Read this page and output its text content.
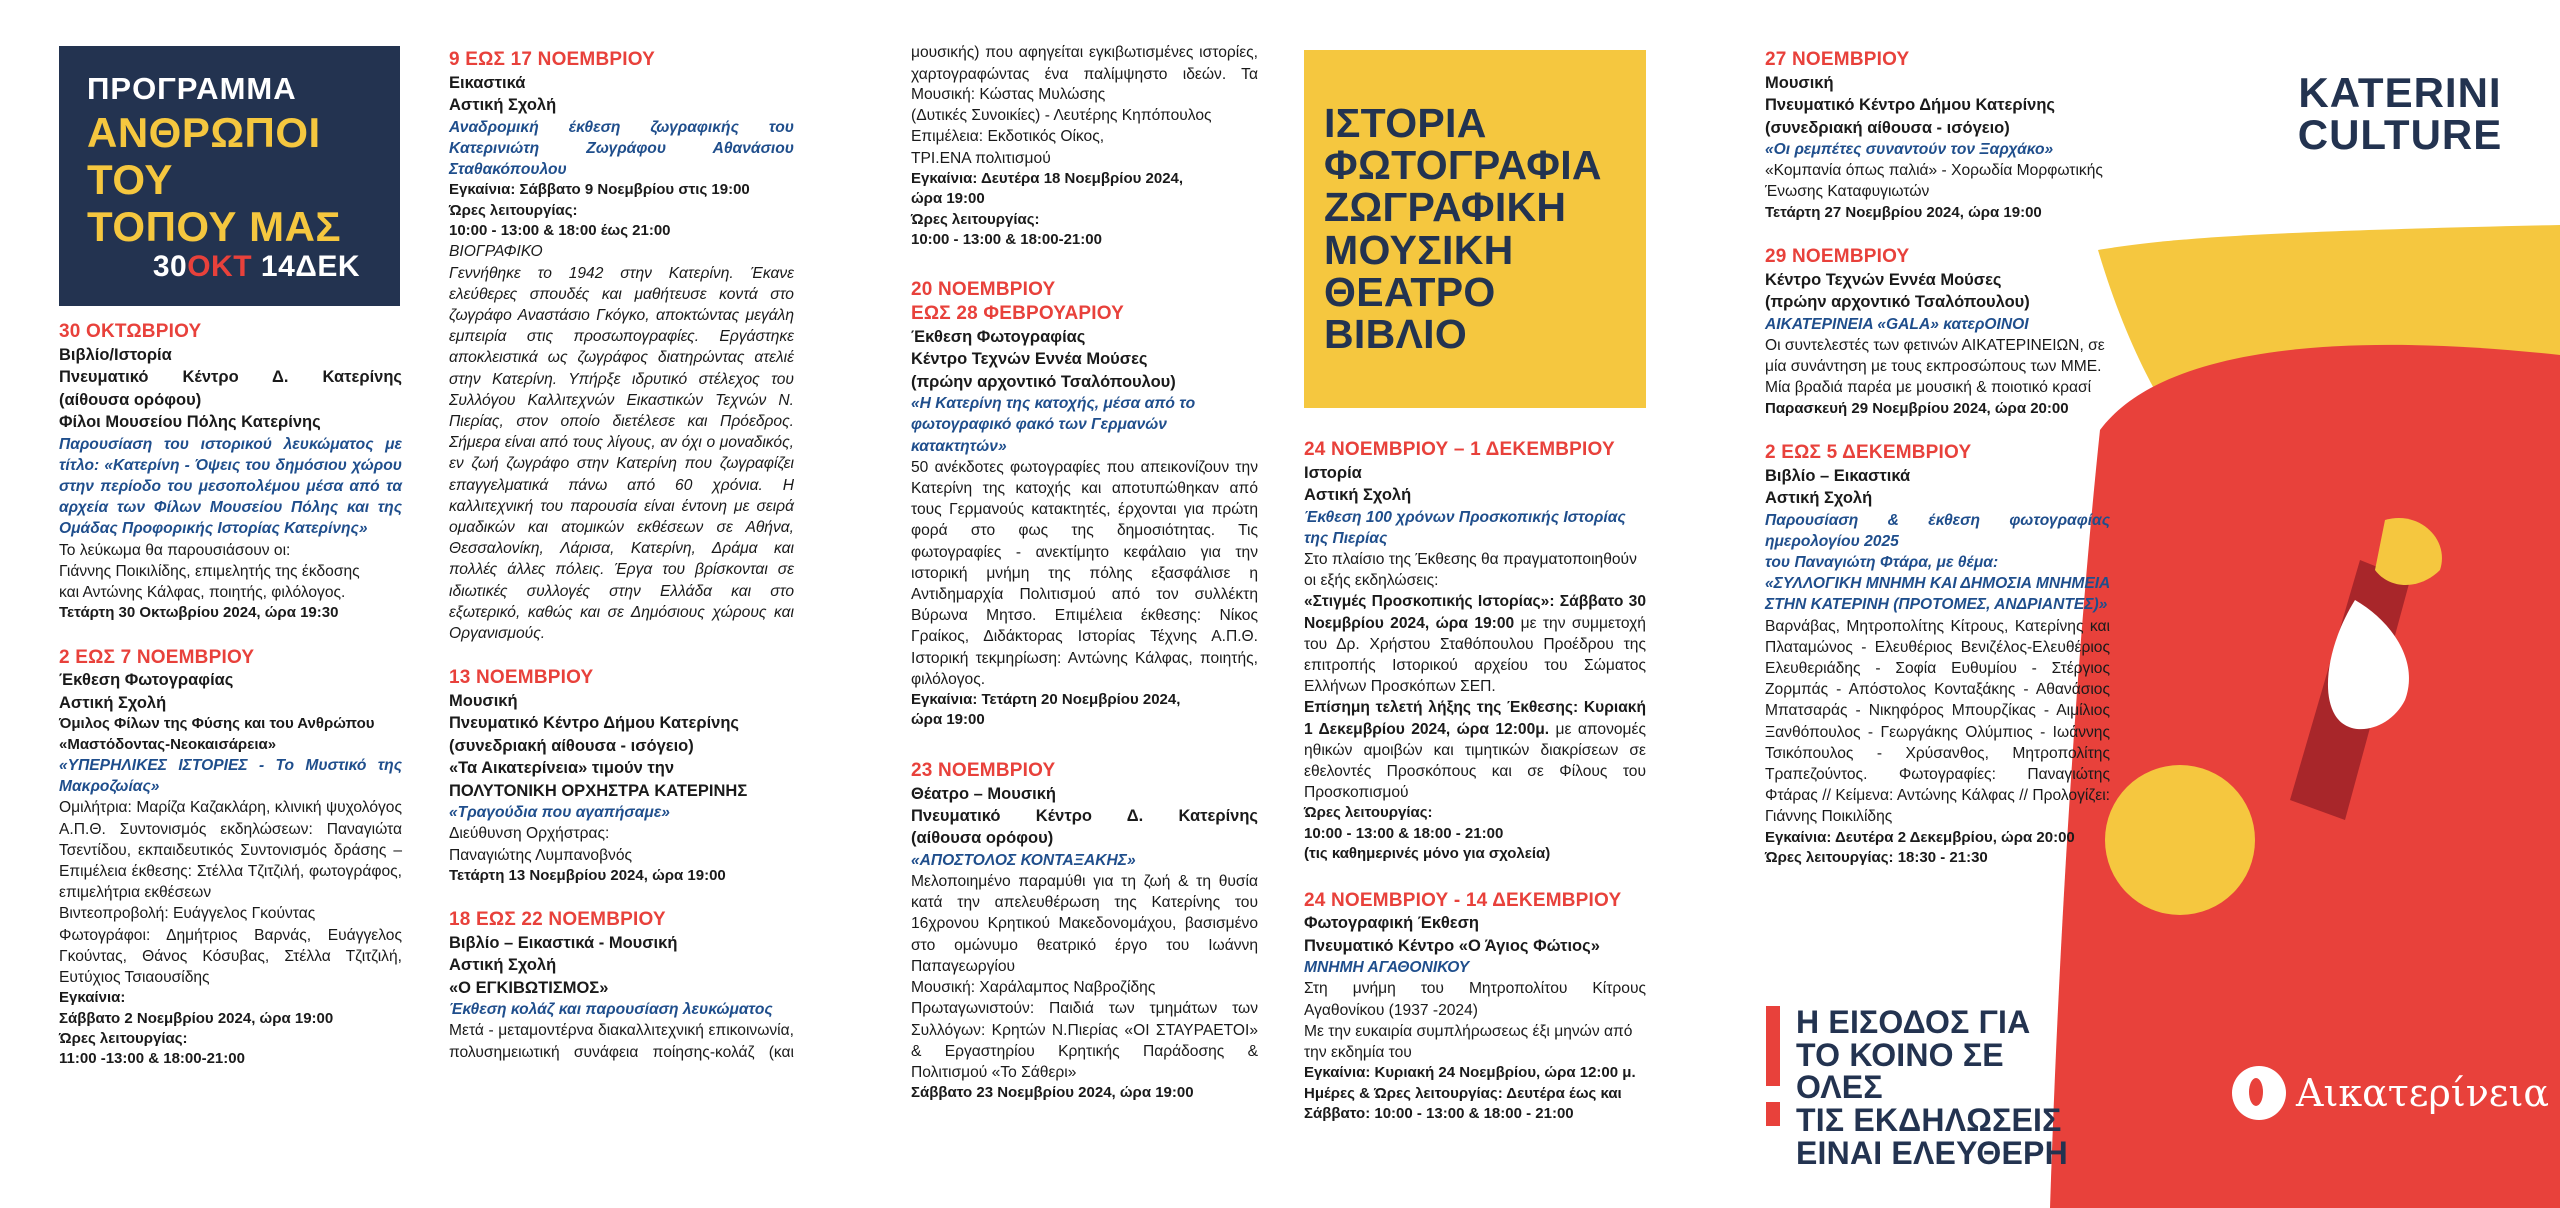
ΠΡΟΓΡΑΜΜΑ
ΑΝΘΡΩΠΟΙ
ΤΟΥ
ΤΟΠΟΥ ΜΑΣ
30ΟΚΤ 14ΔΕΚ
30 ΟΚΤΩΒΡΙΟΥ
Βιβλίο/Ιστορία
Πνευματικό Κέντρο Δ. Κατερίνης
(αίθουσα ορόφου)
Φίλοι Μουσείου Πόλης Κατερίνης
Παρουσίαση του ιστορικού λευκώματος με τίτλο: «Κατερίνη - Όψεις του δημόσιου χώρου στην περίοδο του μεσοπολέμου μέσα από τα αρχεία των Φίλων Μουσείου Πόλης και της Ομάδας Προφορικής Ιστορίας Κατερίνης»
Το λεύκωμα θα παρουσιάσουν οι:
Γιάννης Ποικιλίδης, επιμελητής της έκδοσης
και Αντώνης Κάλφας, ποιητής, φιλόλογος.
Τετάρτη 30 Οκτωβρίου 2024, ώρα 19:30
2 ΕΩΣ 7 ΝΟΕΜΒΡΙΟΥ
Έκθεση Φωτογραφίας
Αστική Σχολή
Όμιλος Φίλων της Φύσης και του Ανθρώπου
«Μαστόδοντας-Νεοκαισάρεια»
«ΥΠΕΡΗΛΙΚΕΣ ΙΣΤΟΡΙΕΣ - Το Μυστικό της Μακροζωίας»
Ομιλήτρια: Μαρίζα Καζακλάρη, κλινική ψυχολόγος Α.Π.Θ. Συντονισμός εκδηλώσεων: Παναγιώτα Τσεντίδου, εκπαιδευτικός Συντονισμός δράσης – Επιμέλεια έκθεσης: Στέλλα Τζιτζιλή, φωτογράφος, επιμελήτρια εκθέσεων
Βιντεοπροβολή: Ευάγγελος Γκούντας
Φωτογράφοι: Δημήτριος Βαρνάς, Ευάγγελος Γκούντας, Θάνος Κόσυβας, Στέλλα Τζιτζιλή, Ευτύχιος Τσιαουσίδης
Εγκαίνια:
Σάββατο 2 Νοεμβρίου 2024, ώρα 19:00
Ώρες λειτουργίας:
11:00 -13:00 & 18:00-21:00
9 ΕΩΣ 17 ΝΟΕΜΒΡΙΟΥ
Εικαστικά
Αστική Σχολή
Αναδρομική έκθεση ζωγραφικής του Κατερινιώτη Ζωγράφου Αθανάσιου Σταθακόπουλου
Εγκαίνια: Σάββατο 9 Νοεμβρίου στις 19:00
Ώρες λειτουργίας:
10:00 - 13:00 & 18:00 έως 21:00
ΒΙΟΓΡΑΦΙΚΟ
Γεννήθηκε το 1942 στην Κατερίνη. Έκανε ελεύθερες σπουδές και μαθήτευσε κοντά στο ζωγράφο Αναστάσιο Γκόγκο, αποκτώντας μεγάλη εμπειρία στις προσωπογραφίες. Εργάστηκε αποκλειστικά ως ζωγράφος διατηρώντας ατελιέ στην Κατερίνη. Υπήρξε ιδρυτικό στέλεχος του Συλλόγου Καλλιτεχνών Εικαστικών Τεχνών Ν. Πιερίας, στον οποίο διετέλεσε και Πρόεδρος. Σήμερα είναι από τους λίγους, αν όχι ο μοναδικός, εν ζωή ζωγράφο στην Κατερίνη που ζωγραφίζει επαγγελματικά πάνω από 60 χρόνια. Η καλλιτεχνική του παρουσία είναι έντονη με σειρά ομαδικών και ατομικών εκθέσεων σε Αθήνα, Θεσσαλονίκη, Λάρισα, Κατερίνη, Δράμα και πολλές άλλες πόλεις. Έργα του βρίσκονται σε ιδιωτικές συλλογές στην Ελλάδα και στο εξωτερικό, καθώς και σε Δημόσιους χώρους και Οργανισμούς.
13 ΝΟΕΜΒΡΙΟΥ
Μουσική
Πνευματικό Κέντρο Δήμου Κατερίνης
(συνεδριακή αίθουσα - ισόγειο)
«Τα Αικατερίνεια» τιμούν την
ΠΟΛΥΤΟΝΙΚΗ ΟΡΧΗΣΤΡΑ ΚΑΤΕΡΙΝΗΣ
«Τραγούδια που αγαπήσαμε»
Διεύθυνση Ορχήστρας:
Παναγιώτης Λυμπανοβνός
Τετάρτη 13 Νοεμβρίου 2024, ώρα 19:00
18 ΕΩΣ 22 ΝΟΕΜΒΡΙΟΥ
Βιβλίο – Εικαστικά - Μουσική
Αστική Σχολή
«Ο ΕΓΚΙΒΩΤΙΣΜΟΣ»
Έκθεση κολάζ και παρουσίαση λευκώματος
Μετά - μεταμοντέρνα διακαλλιτεχνική επικοινωνία, πολυσημειωτική συνάφεια ποίησης-κολάζ (και
μουσικής) που αφηγείται εγκιβωτισμένες ιστορίες, χαρτογραφώντας ένα παλίμψηστο ιδεών. Τα
Μουσική: Κώστας Μυλώσης
(Δυτικές Συνοικίες) - Λευτέρης Κηπόπουλος
Επιμέλεια: Εκδοτικός Οίκος,
ΤΡΙ.ΕΝΑ πολιτισμού
Εγκαίνια: Δευτέρα 18 Νοεμβρίου 2024,
ώρα 19:00
Ώρες λειτουργίας:
10:00 - 13:00 & 18:00-21:00
20 ΝΟΕΜΒΡΙΟΥ
ΕΩΣ 28 ΦΕΒΡΟΥΑΡΙΟΥ
Έκθεση Φωτογραφίας
Κέντρο Τεχνών Εννέα Μούσες
(πρώην αρχοντικό Τσαλόπουλου)
«Η Κατερίνη της κατοχής, μέσα από το φωτογραφικό φακό των Γερμανών κατακτητών»
50 ανέκδοτες φωτογραφίες που απεικονίζουν την Κατερίνη της κατοχής και αποτυπώθηκαν από τους Γερμανούς κατακτητές, έρχονται για πρώτη φορά στο φως της δημοσιότητας. Τις φωτογραφίες - ανεκτίμητο κεφάλαιο για την ιστορική μνήμη της πόλης εξασφάλισε η Αντιδημαρχία Πολιτισμού από τον συλλέκτη Βύρωνα Μητσο. Επιμέλεια έκθεσης: Νίκος Γραίκος, Διδάκτορας Ιστορίας Τέχνης Α.Π.Θ. Ιστορική τεκμηρίωση: Αντώνης Κάλφας, ποιητής, φιλόλογος.
Εγκαίνια: Τετάρτη 20 Νοεμβρίου 2024,
ώρα 19:00
23 ΝΟΕΜΒΡΙΟΥ
Θέατρο – Μουσική
Πνευματικό Κέντρο Δ. Κατερίνης
(αίθουσα ορόφου)
«ΑΠΟΣΤΟΛΟΣ ΚΟΝΤΑΞΑΚΗΣ»
Μελοποιημένο παραμύθι για τη ζωή & τη θυσία κατά την απελευθέρωση της Κατερίνης του 16χρονου Κρητικού Μακεδονομάχου, βασισμένο στο ομώνυμο θεατρικό έργο του Ιωάννη Παπαγεωργίου
Μουσική: Χαράλαμπος Ναβροζίδης
Πρωταγωνιστούν: Παιδιά των τμημάτων των Συλλόγων: Κρητών Ν.Πιερίας «ΟΙ ΣΤΑΥΡΑΕΤΟΙ» & Εργαστηρίου Κρητικής Παράδοσης & Πολιτισμού «Το Σάθερι»
Σάββατο 23 Νοεμβρίου 2024, ώρα 19:00
ΙΣΤΟΡΙΑ
ΦΩΤΟΓΡΑΦΙΑ
ΖΩΓΡΑΦΙΚΗ
ΜΟΥΣΙΚΗ
ΘΕΑΤΡΟ
ΒΙΒΛΙΟ
24 ΝΟΕΜΒΡΙΟΥ – 1 ΔΕΚΕΜΒΡΙΟΥ
Ιστορία
Αστική Σχολή
Έκθεση 100 χρόνων Προσκοπικής Ιστορίας της Πιερίας
Στο πλαίσιο της Έκθεσης θα πραγματοποιηθούν οι εξής εκδηλώσεις:
«Στιγμές Προσκοπικής Ιστορίας»: Σάββατο 30 Νοεμβρίου 2024, ώρα 19:00 με την συμμετοχή του Δρ. Χρήστου Σταθόπουλου Προέδρου της επιτροπής Ιστορικού αρχείου του Σώματος Ελλήνων Προσκόπων ΣΕΠ.
Επίσημη τελετή λήξης της Έκθεσης: Κυριακή 1 Δεκεμβρίου 2024, ώρα 12:00μ. με απονομές ηθικών αμοιβών και τιμητικών διακρίσεων σε εθελοντές Προσκόπους και σε Φίλους του Προσκοπισμού
Ώρες λειτουργίας:
10:00 - 13:00 & 18:00 - 21:00
(τις καθημερινές μόνο για σχολεία)
24 ΝΟΕΜΒΡΙΟΥ - 14 ΔΕΚΕΜΒΡΙΟΥ
Φωτογραφική Έκθεση
Πνευματικό Κέντρο «Ο Άγιος Φώτιος»
ΜΝΗΜΗ ΑΓΑΘΟΝΙΚΟΥ
Στη μνήμη του Μητροπολίτου Κίτρους Αγαθονίκου (1937 -2024)
Με την ευκαιρία συμπλήρωσεως έξι μηνών από την εκδημία του
Εγκαίνια: Κυριακή 24 Νοεμβρίου, ώρα 12:00 μ.
Ημέρες & Ώρες λειτουργίας: Δευτέρα έως και Σάββατο: 10:00 - 13:00 & 18:00 - 21:00
27 ΝΟΕΜΒΡΙΟΥ
Μουσική
Πνευματικό Κέντρο Δήμου Κατερίνης
(συνεδριακή αίθουσα - ισόγειο)
«Οι ρεμπέτες συναντούν τον Ξαρχάκο»
«Κομπανία όπως παλιά» - Χορωδία Μορφωτικής Ένωσης Καταφυγιωτών
Τετάρτη 27 Νοεμβρίου 2024, ώρα 19:00
29 ΝΟΕΜΒΡΙΟΥ
Κέντρο Τεχνών Εννέα Μούσες
(πρώην αρχοντικό Τσαλόπουλου)
ΑΙΚΑΤΕΡΙΝΕΙΑ «GALA» κατερΟΙΝΟΙ
Οι συντελεστές των φετινών ΑΙΚΑΤΕΡΙΝΕΙΩΝ, σε μία συνάντηση με τους εκπροσώπους των ΜΜΕ. Μία βραδιά παρέα με μουσική & ποιοτικό κρασί
Παρασκευή 29 Νοεμβρίου 2024, ώρα 20:00
2 ΕΩΣ 5 ΔΕΚΕΜΒΡΙΟΥ
Βιβλίο – Εικαστικά
Αστική Σχολή
Παρουσίαση & έκθεση φωτογραφίας ημερολογίου 2025
του Παναγιώτη Φτάρα, με θέμα:
«ΣΥΛΛΟΓΙΚΗ ΜΝΗΜΗ ΚΑΙ ΔΗΜΟΣΙΑ ΜΝΗΜΕΙΑ ΣΤΗΝ ΚΑΤΕΡΙΝΗ (ΠΡΟΤΟΜΕΣ, ΑΝΔΡΙΑΝΤΕΣ)»
Βαρνάβας, Μητροπολίτης Κίτρους, Κατερίνης και Πλαταμώνος - Ελευθέριος Βενιζέλος-Ελευθέριος Ελευθεριάδης - Σοφία Ευθυμίου - Στέργιος Ζορμπάς - Απόστολος Κονταξάκης - Αθανάσιος Μπατσαράς - Νικηφόρος Μπουρζίκας - Αιμίλιος Ξανθόπουλος - Γεωργάκης Ολύμπιος - Ιωάννης Τσικόπουλος - Χρύσανθος, Μητροπολίτης Τραπεζούντος. Φωτογραφίες: Παναγιώτης Φτάρας // Κείμενα: Αντώνης Κάλφας // Προλογίζει: Γιάννης Ποικιλίδης
Εγκαίνια: Δευτέρα 2 Δεκεμβρίου, ώρα 20:00
Ώρες λειτουργίας: 18:30 - 21:30
KATERINI
CULTURE
Η ΕΙΣΟΔΟΣ ΓΙΑ
ΤΟ ΚΟΙΝΟ ΣΕ ΟΛΕΣ
ΤΙΣ ΕΚΔΗΛΩΣΕΙΣ
ΕΙΝΑΙ ΕΛΕΥΘΕΡΗ
Αικατερίνεια
